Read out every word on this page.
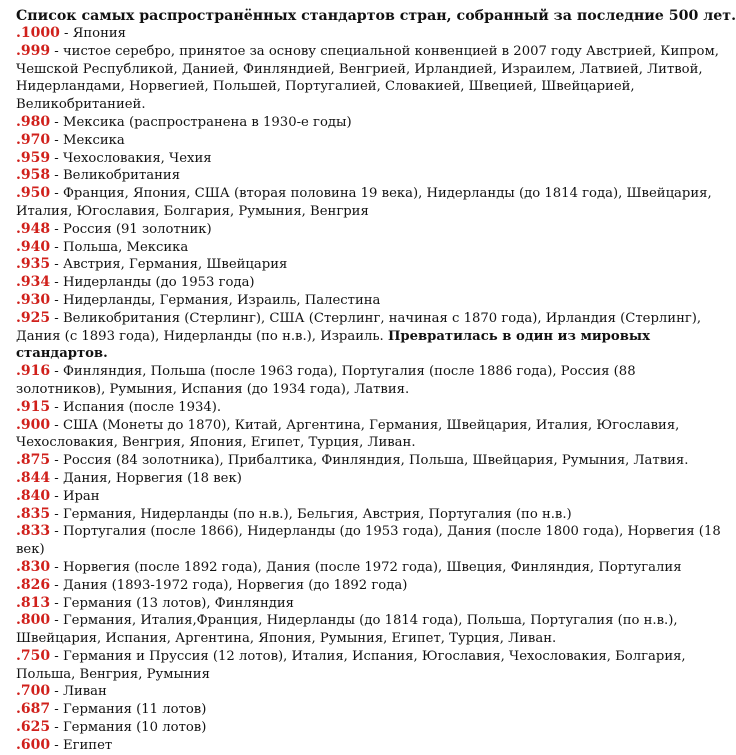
Список самых распространённых стандартов стран, собранный за последние 500 лет.

.1000 - Япония
.999 - чистое серебро, принятое за основу специальной конвенцией в 2007 году Австрией, Кипром, Чешской Республикой, Данией, Финляндией, Венгрией, Ирландией, Израилем, Латвией, Литвой, Нидерландами, Норвегией, Польшей, Португалией, Словакией, Швецией, Швейцарией, Великобританией.
.980 - Мексика (распространена в 1930-е годы)
.970 - Мексика
.959 - Чехословакия, Чехия
.958 - Великобритания
.950 - Франция, Япония, США (вторая половина 19 века), Нидерланды (до 1814 года), Швейцария, Италия, Югославия, Болгария, Румыния, Венгрия
.948 - Россия (91 золотник)
.940 - Польша, Мексика
.935 - Австрия, Германия, Швейцария
.934 - Нидерланды (до 1953 года)
.930 - Нидерланды, Германия, Израиль, Палестина
.925 - Великобритания (Стерлинг), США (Стерлинг, начиная с 1870 года), Ирландия (Стерлинг), Дания (с 1893 года), Нидерланды (по н.в.), Израиль. Превратилась в один из мировых стандартов.
.916 - Финляндия, Польша (после 1963 года), Португалия (после 1886 года), Россия (88 золотников), Румыния, Испания (до 1934 года), Латвия.
.915 - Испания (после 1934).
.900 - США (Монеты до 1870), Китай, Аргентина, Германия, Швейцария, Италия, Югославия, Чехословакия, Венгрия, Япония, Египет, Турция, Ливан.
.875 - Россия (84 золотника), Прибалтика, Финляндия, Польша, Швейцария, Румыния, Латвия.
.844 - Дания, Норвегия (18 век)
.840 - Иран
.835 - Германия, Нидерланды (по н.в.), Бельгия, Австрия, Португалия (по н.в.)
.833 - Португалия (после 1866), Нидерланды (до 1953 года), Дания (после 1800 года), Норвегия (18 век)
.830 - Норвегия (после 1892 года), Дания (после 1972 года), Швеция, Финляндия, Португалия
.826 - Дания (1893-1972 года), Норвегия (до 1892 года)
.813 - Германия (13 лотов), Финляндия
.800 - Германия, Италия,Франция, Нидерланды (до 1814 года), Польша, Португалия (по н.в.), Швейцария, Испания, Аргентина, Япония, Румыния, Египет, Турция, Ливан.
.750 - Германия и Пруссия (12 лотов), Италия, Испания, Югославия, Чехословакия, Болгария, Польша, Венгрия, Румыния
.700 - Ливан
.687 - Германия (11 лотов)
.625 - Германия (10 лотов)
.600 - Египет
